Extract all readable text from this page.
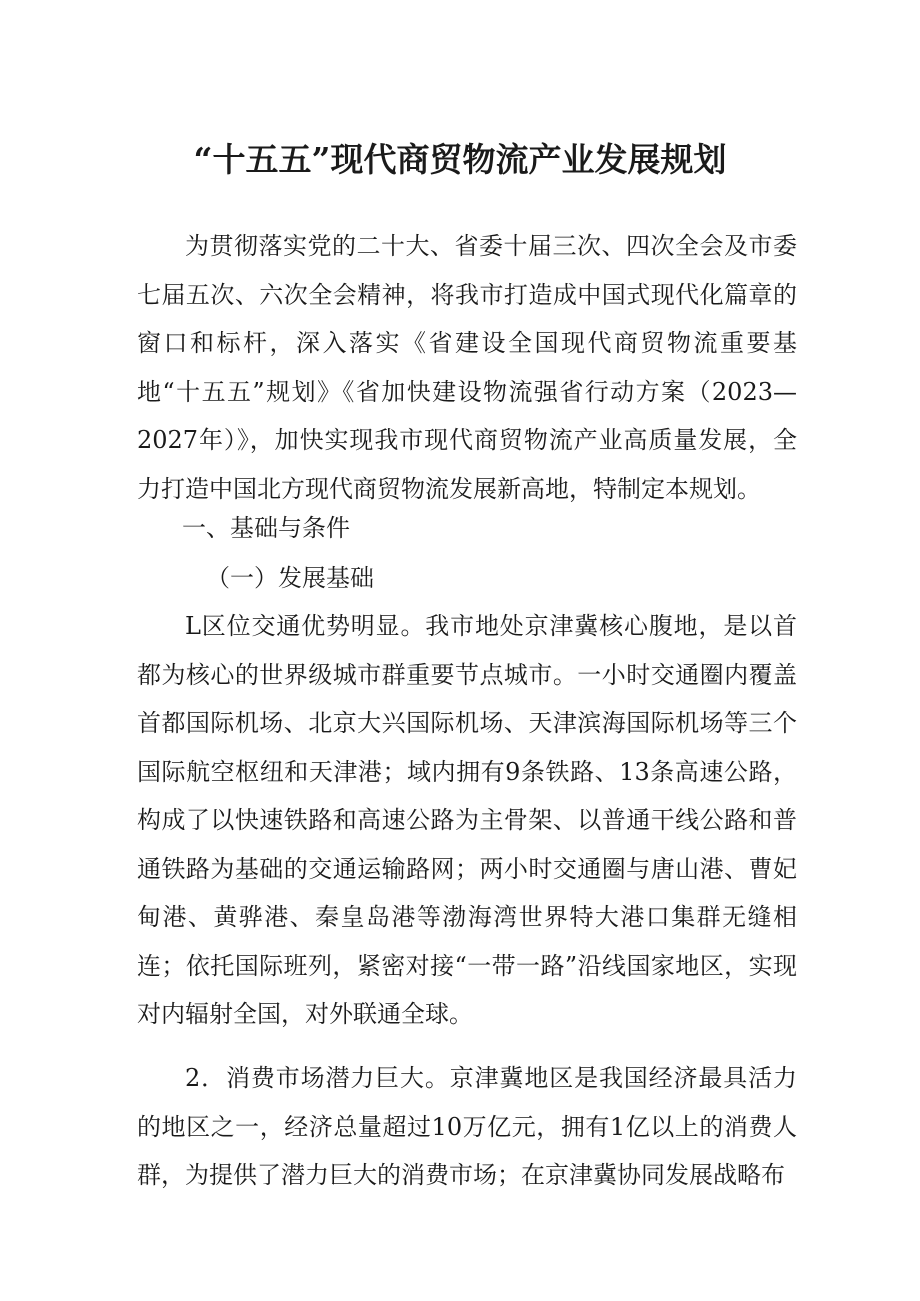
“十五五”现代商贸物流产业发展规划

为贯彻落实党的二十大、省委十届三次、四次全会及市委七届五次、六次全会精神，将我市打造成中国式现代化篇章的窗口和标杆，深入落实《省建设全国现代商贸物流重要基地“十五五”规划》《省加快建设物流强省行动方案（2023—2027年）》，加快实现我市现代商贸物流产业高质量发展，全力打造中国北方现代商贸物流发展新高地，特制定本规划。

一、基础与条件

（一）发展基础

L区位交通优势明显。我市地处京津冀核心腹地，是以首都为核心的世界级城市群重要节点城市。一小时交通圈内覆盖首都国际机场、北京大兴国际机场、天津滨海国际机场等三个国际航空枢纽和天津港；域内拥有9条铁路、13条高速公路，构成了以快速铁路和高速公路为主骨架、以普通干线公路和普通铁路为基础的交通运输路网；两小时交通圈与唐山港、曹妃甸港、黄骅港、秦皇岛港等渤海湾世界特大港口集群无缝相连；依托国际班列，紧密对接“一带一路”沿线国家地区，实现对内辐射全国，对外联通全球。

2．消费市场潜力巨大。京津冀地区是我国经济最具活力的地区之一，经济总量超过10万亿元，拥有1亿以上的消费人群，为提供了潜力巨大的消费市场；在京津冀协同发展战略布
